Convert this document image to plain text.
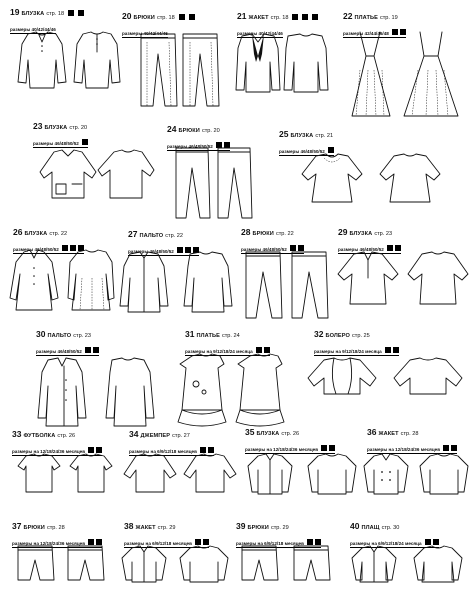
19 БЛУЗКА стр. 18
размеры 40/42/44/46
20 БРЮКИ стр. 18
размеры 40/42/44/46
21 ЖАКЕТ стр. 18
размеры 40/42/44/46
22 ПЛАТЬЕ стр. 19
размеры 42/44/46/48
23 БЛУЗКА стр. 20
размеры 46/48/50/52
24 БРЮКИ стр. 20
размеры 46/48/50/52
25 БЛУЗКА стр. 21
размеры 46/48/50/52
26 БЛУЗКА стр. 22
размеры 46/48/50/52
27 ПАЛЬТО стр. 22
размеры 46/48/50/52
28 БРЮКИ стр. 22
размеры 46/48/50/52
29 БЛУЗКА стр. 23
размеры 46/48/50/52
30 ПАЛЬТО стр. 23
размеры 46/48/50/52
31 ПЛАТЬЕ стр. 24
размеры на 9/12/18/24 месяца
32 БОЛЕРО стр. 25
размеры на 9/12/18/24 месяца
33 ФУТБОЛКА стр. 26
размеры на 12/18/24/36 месяцев
34 ДЖЕМПЕР стр. 27
размеры на 6/9/12/18 месяцев
35 БЛУЗКА стр. 26
размеры на 12/18/24/36 месяцев
36 ЖАКЕТ стр. 28
размеры на 12/18/24/36 месяцев
37 БРЮКИ стр. 28
размеры на 12/18/24/36 месяцев
38 ЖАКЕТ стр. 29
размеры на 6/9/12/18 месяцев
39 БРЮКИ стр. 29
размеры на 6/9/12/18 месяцев
40 ПЛАЩ стр. 30
размеры на 6/9/12/18/24 месяца
